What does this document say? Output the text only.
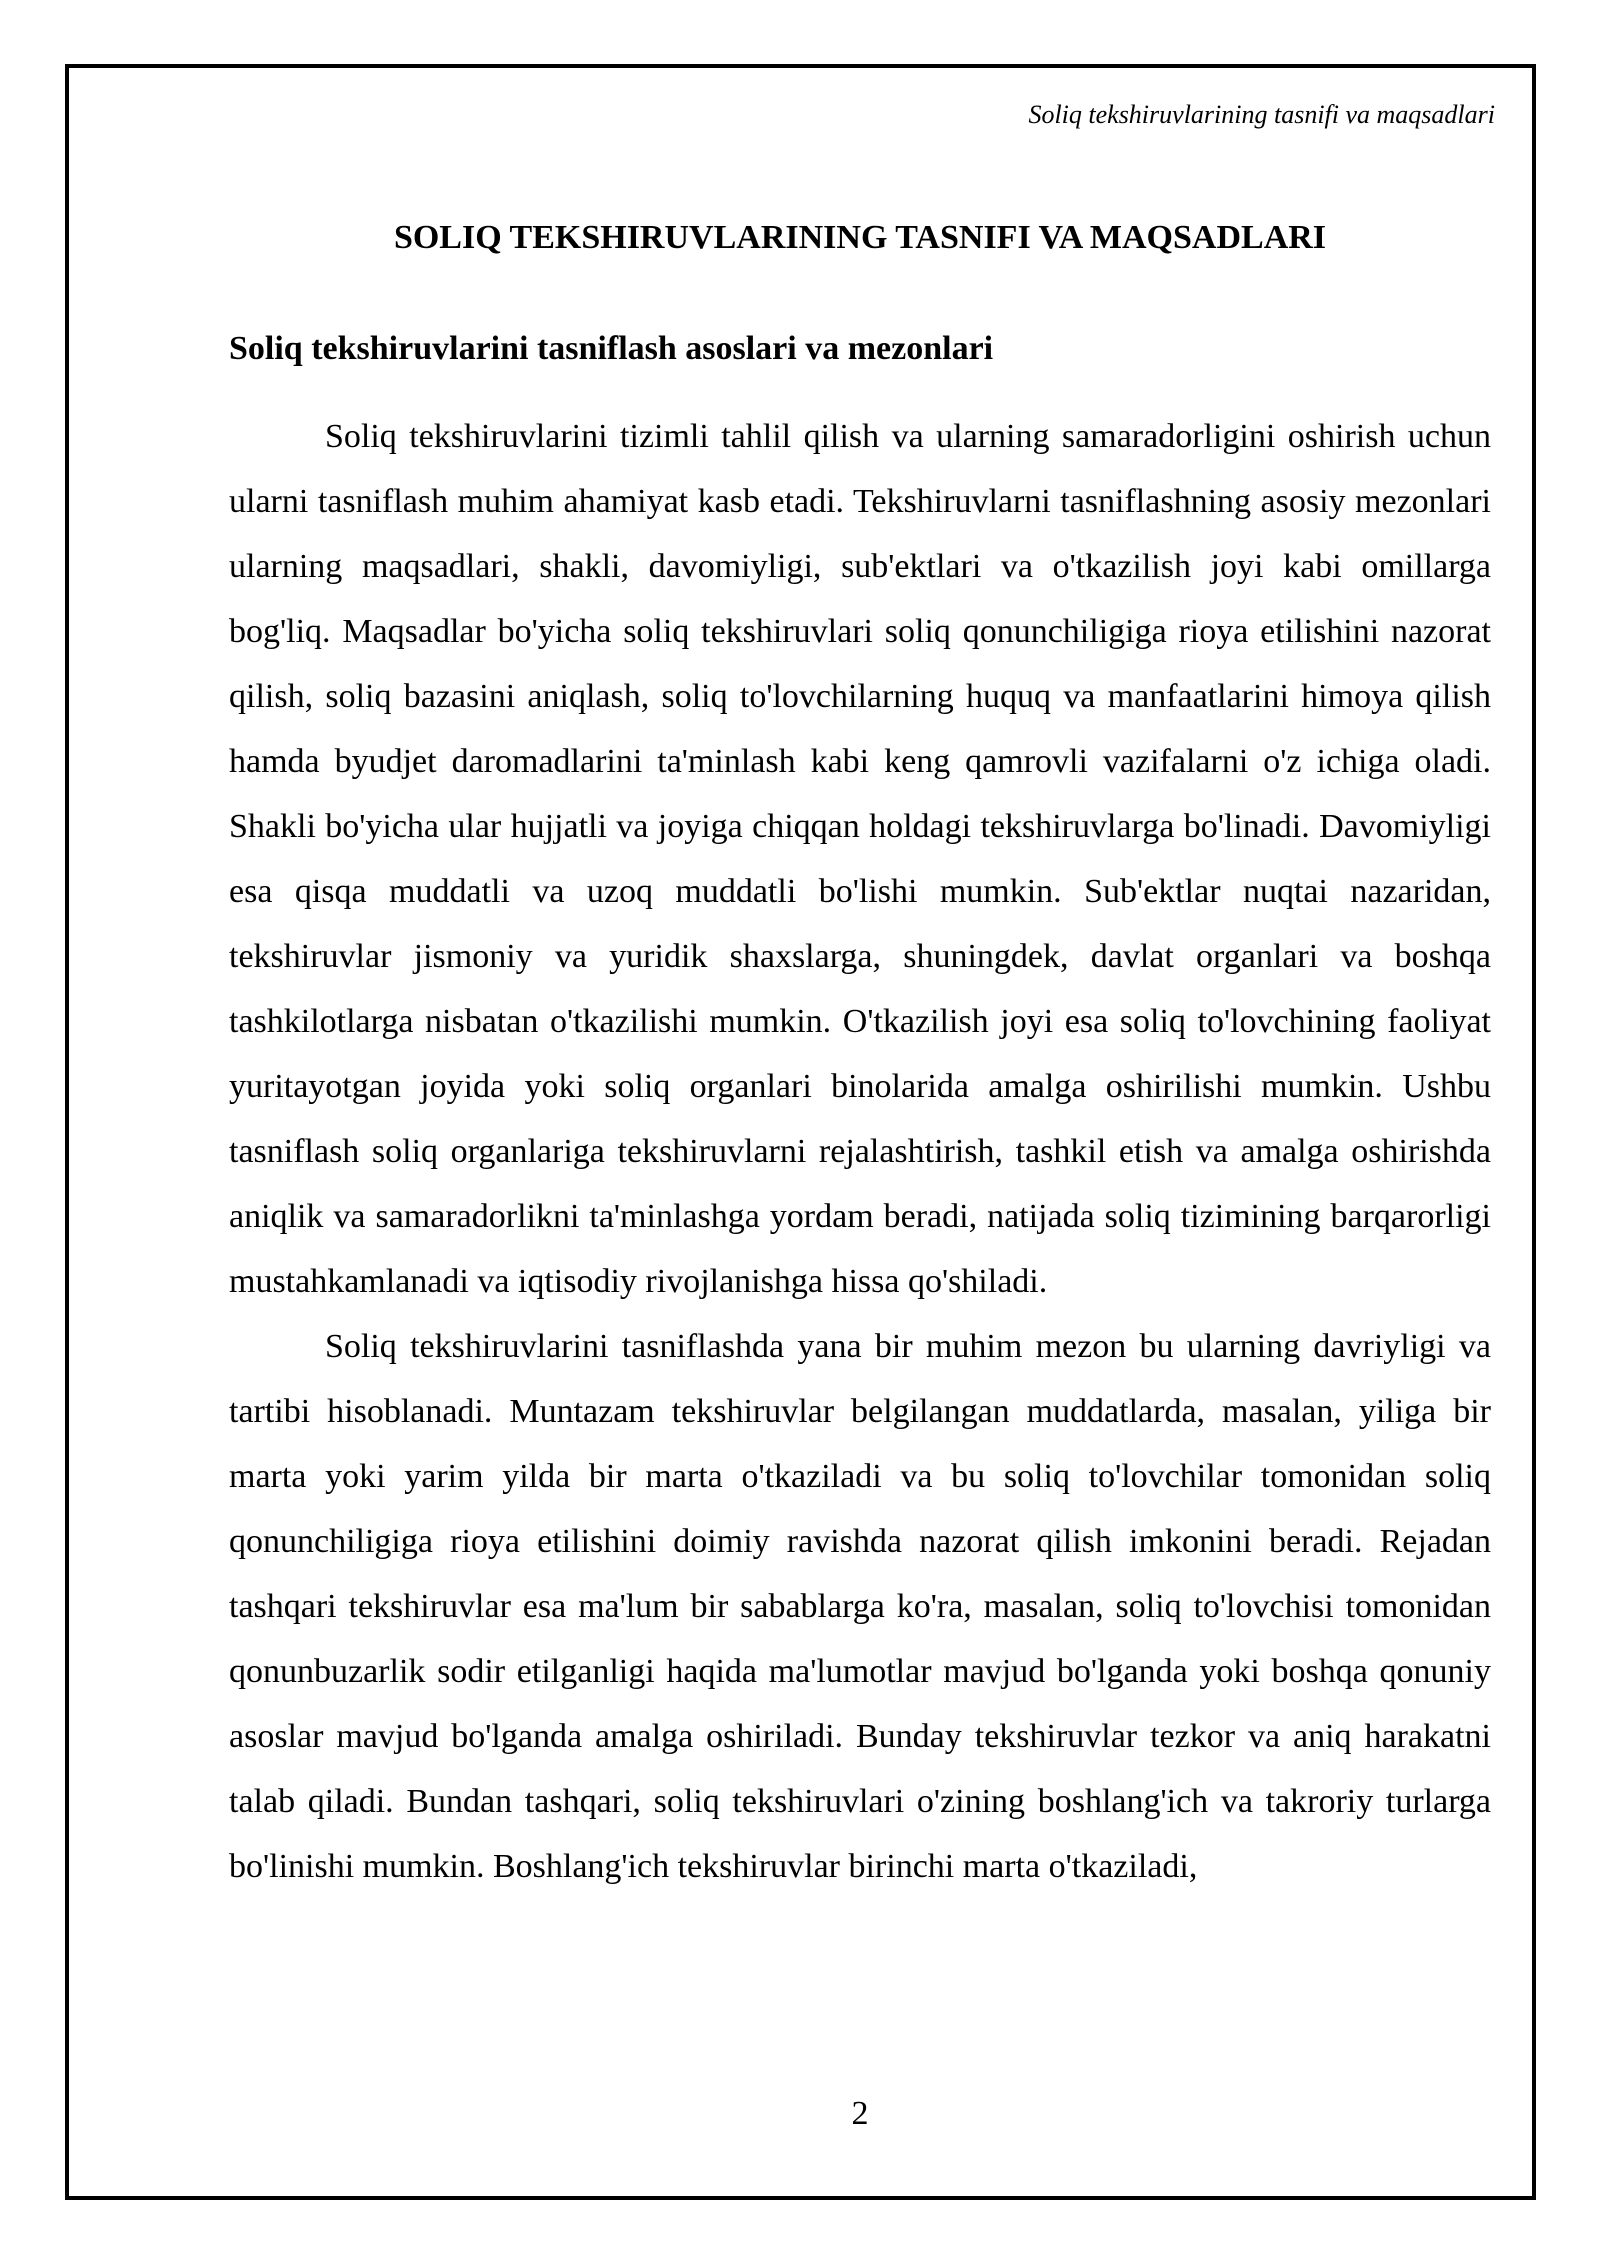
Soliq tekshiruvlarining tasnifi va maqsadlari
SOLIQ TEKSHIRUVLARINING TASNIFI VA MAQSADLARI
Soliq tekshiruvlarini tasniflash asoslari va mezonlari

Soliq tekshiruvlarini tizimli tahlil qilish va ularning samaradorligini oshirish uchun ularni tasniflash muhim ahamiyat kasb etadi. Tekshiruvlarni tasniflashning asosiy mezonlari ularning maqsadlari, shakli, davomiyligi, sub'ektlari va o'tkazilish joyi kabi omillarga bog'liq. Maqsadlar bo'yicha soliq tekshiruvlari soliq qonunchiligiga rioya etilishini nazorat qilish, soliq bazasini aniqlash, soliq to'lovchilarning huquq va manfaatlarini himoya qilish hamda byudjet daromadlarini ta'minlash kabi keng qamrovli vazifalarni o'z ichiga oladi. Shakli bo'yicha ular hujjatli va joyiga chiqqan holdagi tekshiruvlarga bo'linadi. Davomiyligi esa qisqa muddatli va uzoq muddatli bo'lishi mumkin. Sub'ektlar nuqtai nazaridan, tekshiruvlar jismoniy va yuridik shaxslarga, shuningdek, davlat organlari va boshqa tashkilotlarga nisbatan o'tkazilishi mumkin. O'tkazilish joyi esa soliq to'lovchining faoliyat yuritayotgan joyida yoki soliq organlari binolarida amalga oshirilishi mumkin. Ushbu tasniflash soliq organlariga tekshiruvlarni rejalashtirish, tashkil etish va amalga oshirishda aniqlik va samaradorlikni ta'minlashga yordam beradi, natijada soliq tizimining barqarorligi mustahkamlanadi va iqtisodiy rivojlanishga hissa qo'shiladi.

Soliq tekshiruvlarini tasniflashda yana bir muhim mezon bu ularning davriyligi va tartibi hisoblanadi. Muntazam tekshiruvlar belgilangan muddatlarda, masalan, yiliga bir marta yoki yarim yilda bir marta o'tkaziladi va bu soliq to'lovchilar tomonidan soliq qonunchiligiga rioya etilishini doimiy ravishda nazorat qilish imkonini beradi. Rejadan tashqari tekshiruvlar esa ma'lum bir sabablarga ko'ra, masalan, soliq to'lovchisi tomonidan qonunbuzarlik sodir etilganligi haqida ma'lumotlar mavjud bo'lganda yoki boshqa qonuniy asoslar mavjud bo'lganda amalga oshiriladi. Bunday tekshiruvlar tezkor va aniq harakatni talab qiladi. Bundan tashqari, soliq tekshiruvlari o'zining boshlang'ich va takroriy turlarga bo'linishi mumkin. Boshlang'ich tekshiruvlar birinchi marta o'tkaziladi,

2
